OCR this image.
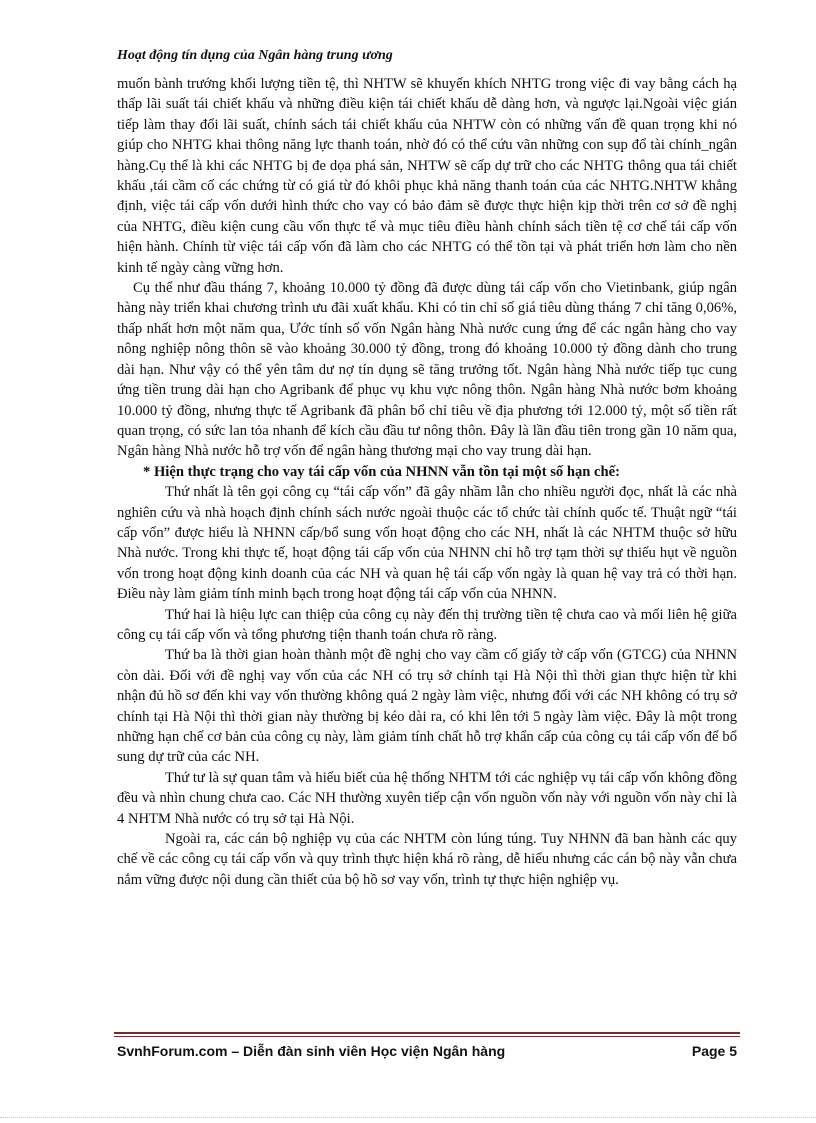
Hoạt động tín dụng của Ngân hàng trung ương

muốn bành trướng khối lượng tiền tệ, thì NHTW sẽ khuyến khích NHTG trong việc đi vay bằng cách hạ thấp lãi suất tái chiết khấu và những điều kiện tái chiết khấu dễ dàng hơn, và ngược lại.Ngoài việc gián tiếp làm thay đổi lãi suất, chính sách tái chiết khấu của NHTW còn có những vấn đề quan trọng khi nó giúp cho NHTG khai thông năng lực thanh toán, nhờ đó có thể cứu vãn những con sụp đổ tài chính_ngân hàng.Cụ thể là khi các NHTG bị đe dọa phá sản, NHTW sẽ cấp dự trữ cho các NHTG thông qua tái chiết khấu ,tái cầm cố các chứng từ có giá từ đó khôi phục khả năng thanh toán của các NHTG.NHTW khẳng định, việc tái cấp vốn dưới hình thức cho vay có bảo đảm sẽ được thực hiện kịp thời trên cơ sở đề nghị của NHTG, điều kiện cung cầu vốn thực tế và mục tiêu điều hành chính sách tiền tệ cơ chế tái cấp vốn hiện hành. Chính từ việc tái cấp vốn đã làm cho các NHTG có thể tồn tại và phát triển hơn làm cho nền kinh tế ngày càng vững hơn.

Cụ thể như đầu tháng 7, khoảng 10.000 tỷ đồng đã được dùng tái cấp vốn cho Vietinbank, giúp ngân hàng này triển khai chương trình ưu đãi xuất khẩu. Khi có tin chỉ số giá tiêu dùng tháng 7 chỉ tăng 0,06%, thấp nhất hơn một năm qua, Ước tính số vốn Ngân hàng Nhà nước cung ứng để các ngân hàng cho vay nông nghiệp nông thôn sẽ vào khoảng 30.000 tỷ đồng, trong đó khoảng 10.000 tỷ đồng dành cho trung dài hạn. Như vậy có thể yên tâm dư nợ tín dụng sẽ tăng trưởng tốt. Ngân hàng Nhà nước tiếp tục cung ứng tiền trung dài hạn cho Agribank để phục vụ khu vực nông thôn. Ngân hàng Nhà nước bơm khoảng 10.000 tỷ đồng, nhưng thực tế Agribank đã phân bổ chỉ tiêu về địa phương tới 12.000 tỷ, một số tiền rất quan trọng, có sức lan tỏa nhanh để kích cầu đầu tư nông thôn. Đây là lần đầu tiên trong gần 10 năm qua, Ngân hàng Nhà nước hỗ trợ vốn để ngân hàng thương mại cho vay trung dài hạn.

* Hiện thực trạng cho vay tái cấp vốn của NHNN vẫn tồn tại một số hạn chế:

Thứ nhất là tên gọi công cụ “tái cấp vốn” đã gây nhầm lẫn cho nhiều người đọc, nhất là các nhà nghiên cứu và nhà hoạch định chính sách nước ngoài thuộc các tổ chức tài chính quốc tế. Thuật ngữ “tái cấp vốn” được hiểu là NHNN cấp/bổ sung vốn hoạt động cho các NH, nhất là các NHTM thuộc sở hữu Nhà nước. Trong khi thực tế, hoạt động tái cấp vốn của NHNN chỉ hỗ trợ tạm thời sự thiếu hụt về nguồn vốn trong hoạt động kinh doanh của các NH và quan hệ tái cấp vốn ngày là quan hệ vay trả có thời hạn. Điều này làm giảm tính minh bạch trong hoạt động tái cấp vốn của NHNN.

Thứ hai là hiệu lực can thiệp của công cụ này đến thị trường tiền tệ chưa cao và mối liên hệ giữa công cụ tái cấp vốn và tổng phương tiện thanh toán chưa rõ ràng.

Thứ ba là thời gian hoàn thành một đề nghị cho vay cầm cố giấy tờ cấp vốn (GTCG) của NHNN còn dài. Đối với đề nghị vay vốn của các NH có trụ sở chính tại Hà Nội thì thời gian thực hiện từ khi nhận đủ hồ sơ đến khi vay vốn thường không quá 2 ngày làm việc, nhưng đối với các NH không có trụ sở chính tại Hà Nội thì thời gian này thường bị kéo dài ra, có khi lên tới 5 ngày làm việc. Đây là một trong những hạn chế cơ bản của công cụ này, làm giảm tính chất hỗ trợ khẩn cấp của công cụ tái cấp vốn để bổ sung dự trữ của các NH.

Thứ tư là sự quan tâm và hiểu biết của hệ thống NHTM tới các nghiệp vụ tái cấp vốn không đồng đều và nhìn chung chưa cao. Các NH thường xuyên tiếp cận vốn nguồn vốn này với nguồn vốn này chỉ là 4 NHTM Nhà nước có trụ sở tại Hà Nội.

Ngoài ra, các cán bộ nghiệp vụ của các NHTM còn lúng túng. Tuy NHNN đã ban hành các quy chế về các công cụ tái cấp vốn và quy trình thực hiện khá rõ ràng, dễ hiểu nhưng các cán bộ này vẫn chưa nắm vững được nội dung cần thiết của bộ hồ sơ vay vốn, trình tự thực hiện nghiệp vụ.

SvnhForum.com – Diễn đàn sinh viên Học viện Ngân hàng	Page 5
